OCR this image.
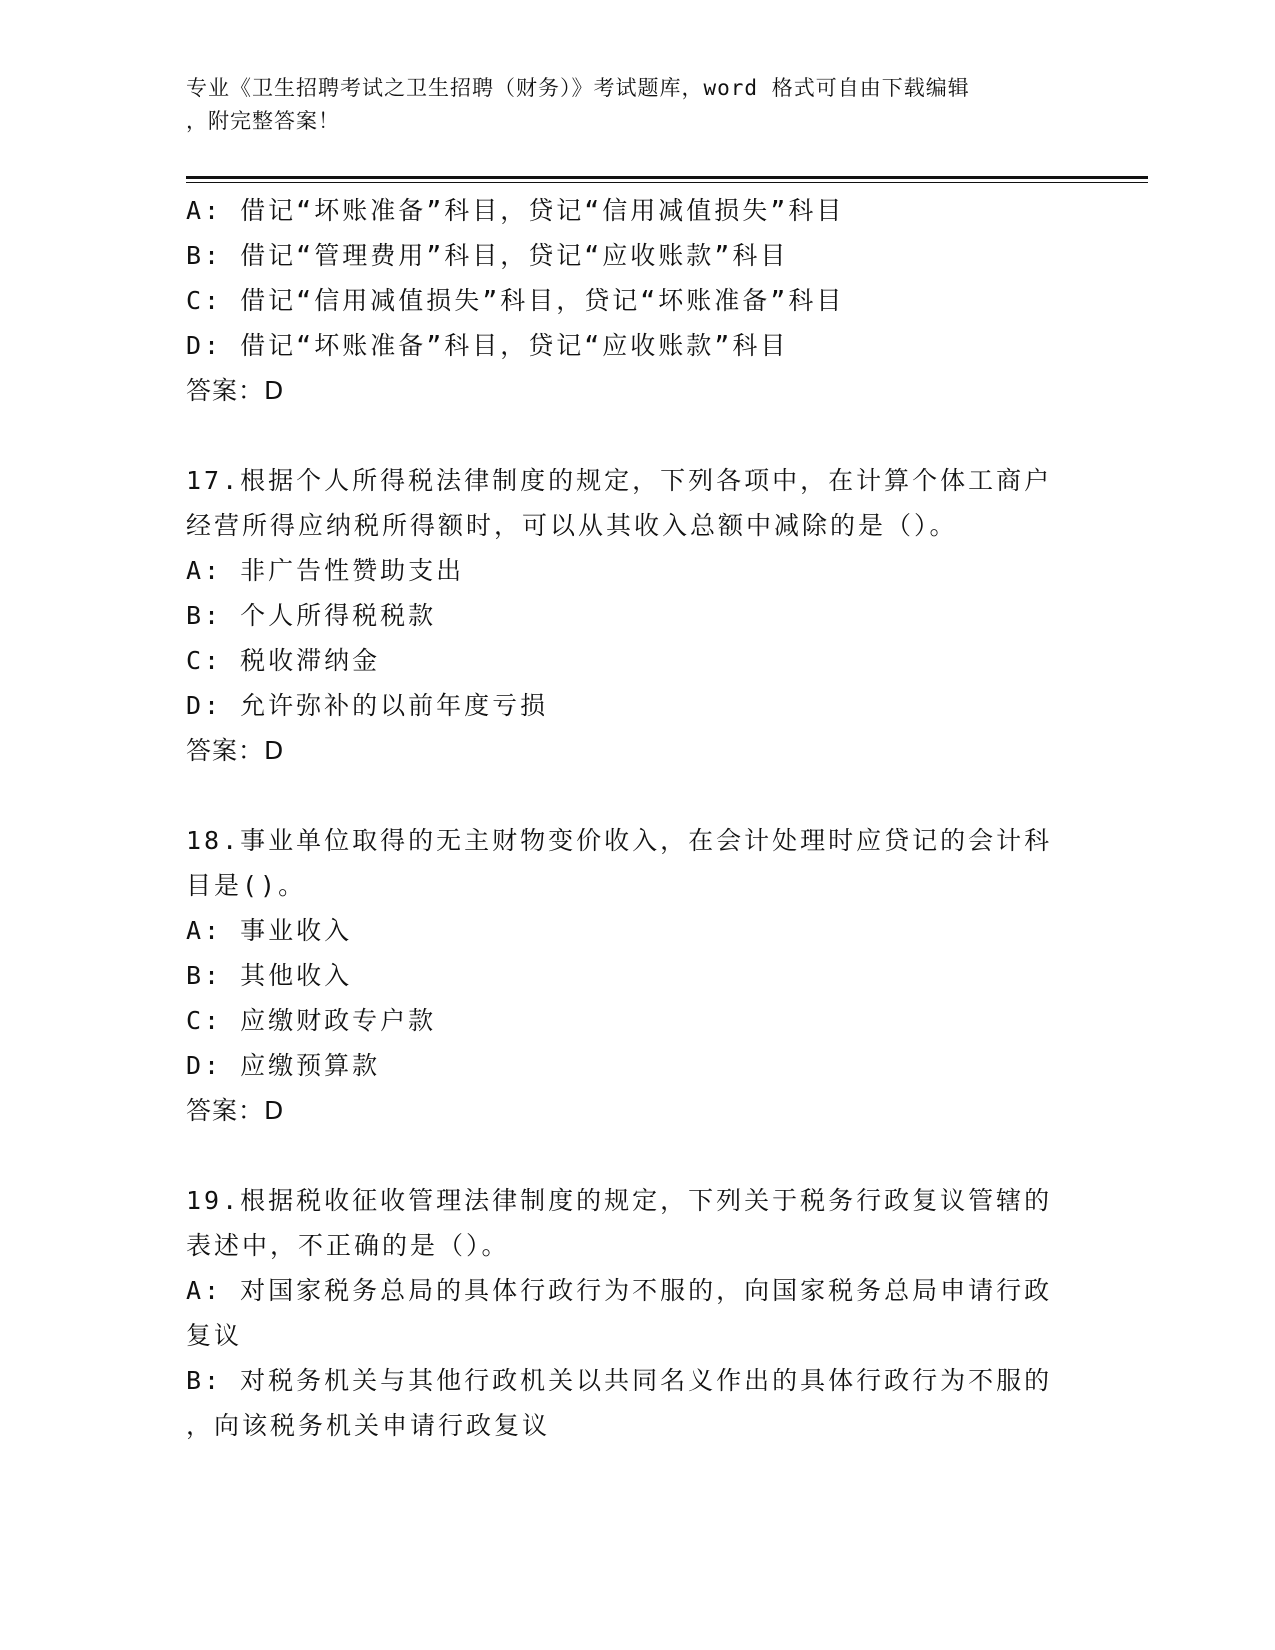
专业《卫生招聘考试之卫生招聘（财务）》考试题库，word 格式可自由下载编辑
，附完整答案！
A: 借记“坏账准备”科目，贷记“信用减值损失”科目
B: 借记“管理费用”科目，贷记“应收账款”科目
C: 借记“信用减值损失”科目，贷记“坏账准备”科目
D: 借记“坏账准备”科目，贷记“应收账款”科目
答案：D
17.根据个人所得税法律制度的规定，下列各项中，在计算个体工商户
经营所得应纳税所得额时，可以从其收入总额中减除的是（）。
A: 非广告性赞助支出
B: 个人所得税税款
C: 税收滞纳金
D: 允许弥补的以前年度亏损
答案：D
18.事业单位取得的无主财物变价收入，在会计处理时应贷记的会计科
目是()。
A: 事业收入
B: 其他收入
C: 应缴财政专户款
D: 应缴预算款
答案：D
19.根据税收征收管理法律制度的规定，下列关于税务行政复议管辖的
表述中，不正确的是（）。
A: 对国家税务总局的具体行政行为不服的，向国家税务总局申请行政
复议
B: 对税务机关与其他行政机关以共同名义作出的具体行政行为不服的
，向该税务机关申请行政复议
